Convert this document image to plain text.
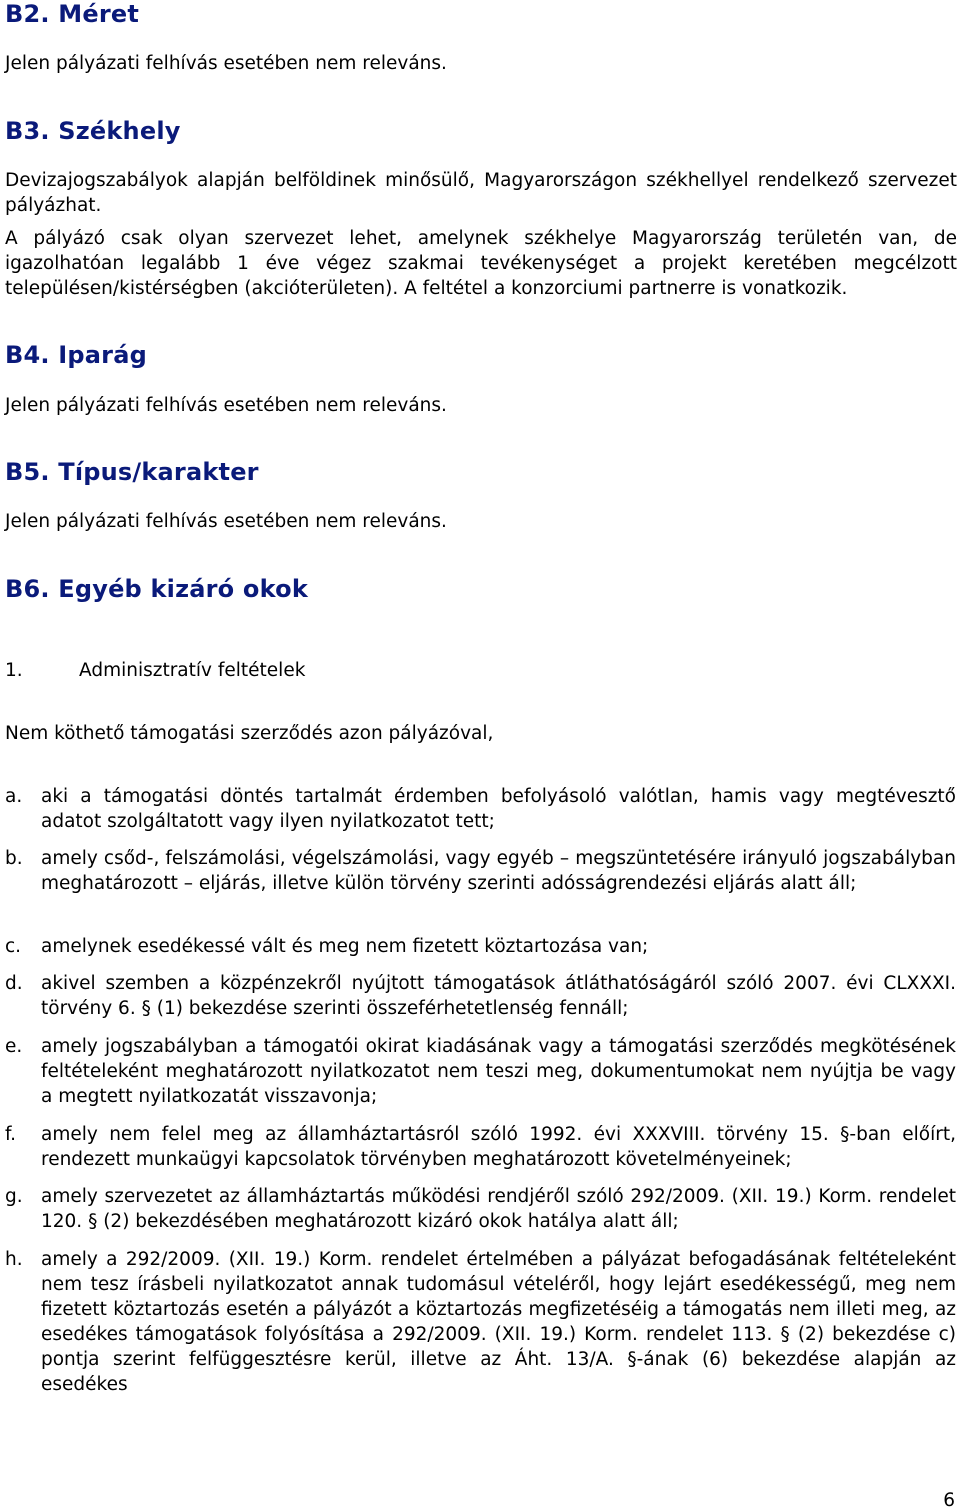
B2. Méret

Jelen pályázati felhívás esetében nem releváns.

B3. Székhely

Devizajogszabályok alapján belföldinek minősülő, Magyarországon székhellyel rendelkező szervezet pályázhat.

A pályázó csak olyan szervezet lehet, amelynek székhelye Magyarország területén van, de igazolhatóan legalább 1 éve végez szakmai tevékenységet a projekt keretében megcélzott településen/kistérségben (akcióterületen). A feltétel a konzorciumi partnerre is vonatkozik.

B4. Iparág

Jelen pályázati felhívás esetében nem releváns.

B5. Típus/karakter

Jelen pályázati felhívás esetében nem releváns.

B6. Egyéb kizáró okok

1.	Adminisztratív feltételek

Nem köthető támogatási szerződés azon pályázóval,

a. aki a támogatási döntés tartalmát érdemben befolyásoló valótlan, hamis vagy megtévesztő adatot szolgáltatott vagy ilyen nyilatkozatot tett;
b. amely csőd-, felszámolási, végelszámolási, vagy egyéb – megszüntetésére irányuló jogszabályban meghatározott – eljárás, illetve külön törvény szerinti adósságrendezési eljárás alatt áll;
c. amelynek esedékessé vált és meg nem fizetett köztartozása van;
d. akivel szemben a közpénzekről nyújtott támogatások átláthatóságáról szóló 2007. évi CLXXXI. törvény 6. § (1) bekezdése szerinti összeférhetetlenség fennáll;
e. amely jogszabályban a támogatói okirat kiadásának vagy a támogatási szerződés megkötésének feltételeként meghatározott nyilatkozatot nem teszi meg, dokumentumokat nem nyújtja be vagy a megtett nyilatkozatát visszavonja;
f. amely nem felel meg az államháztartásról szóló 1992. évi XXXVIII. törvény 15. §-ban előírt, rendezett munkaügyi kapcsolatok törvényben meghatározott követelményeinek;
g. amely szervezetet az államháztartás működési rendjéről szóló 292/2009. (XII. 19.) Korm. rendelet 120. § (2) bekezdésében meghatározott kizáró okok hatálya alatt áll;
h. amely a 292/2009. (XII. 19.) Korm. rendelet értelmében a pályázat befogadásának feltételeként nem tesz írásbeli nyilatkozatot annak tudomásul vételéről, hogy lejárt esedékességű, meg nem fizetett köztartozás esetén a pályázót a köztartozás megfizetéséig a támogatás nem illeti meg, az esedékes támogatások folyósítása a 292/2009. (XII. 19.) Korm. rendelet 113. § (2) bekezdése c) pontja szerint felfüggesztésre kerül, illetve az Áht. 13/A. §-ának (6) bekezdése alapján az esedékes
6
